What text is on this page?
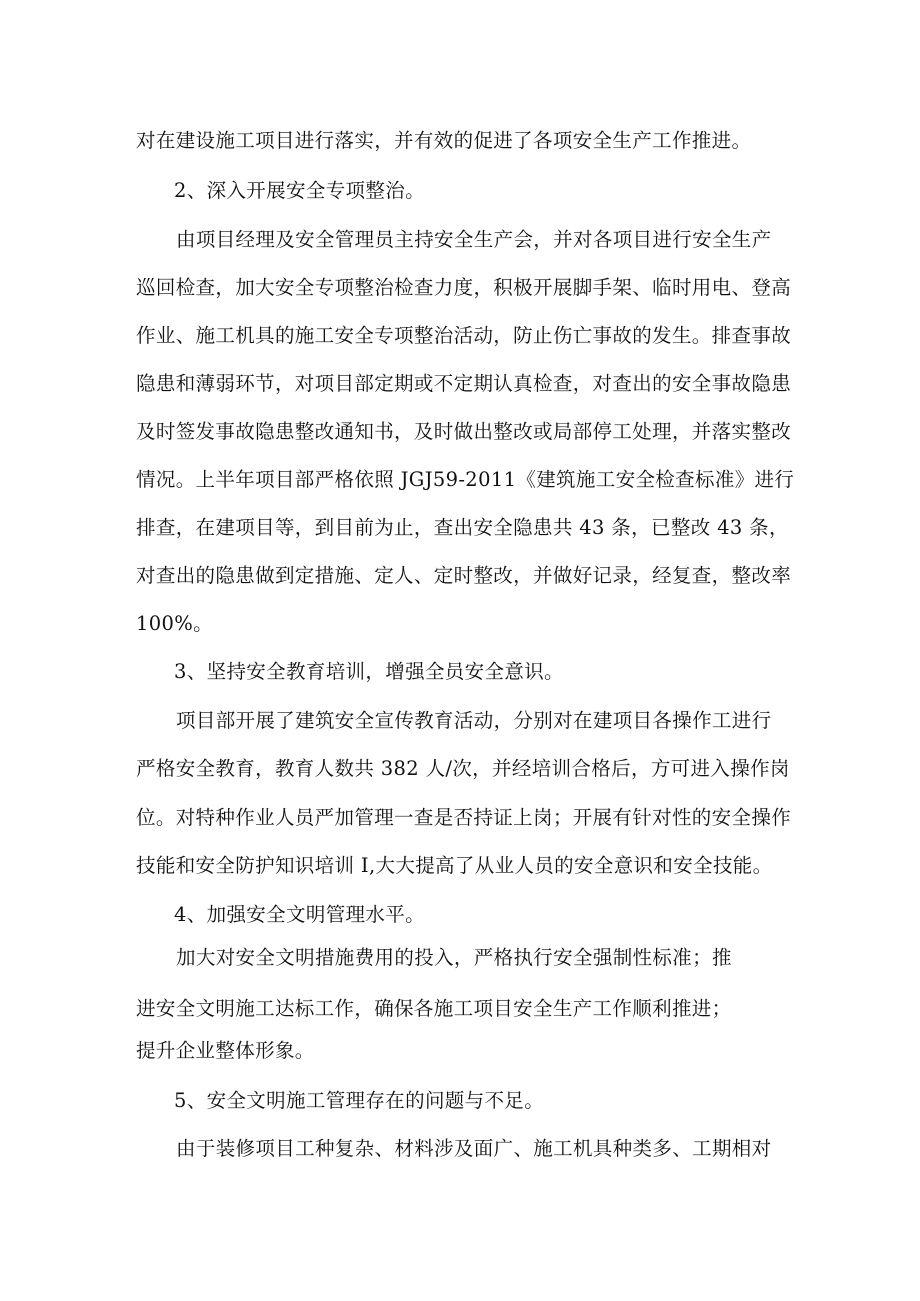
对在建设施工项目进行落实，并有效的促进了各项安全生产工作推进。
2、深入开展安全专项整治。
由项目经理及安全管理员主持安全生产会，并对各项目进行安全生产
巡回检查，加大安全专项整治检查力度，积极开展脚手架、临时用电、登高
作业、施工机具的施工安全专项整治活动，防止伤亡事故的发生。排查事故
隐患和薄弱环节，对项目部定期或不定期认真检查，对查出的安全事故隐患
及时签发事故隐患整改通知书，及时做出整改或局部停工处理，并落实整改
情况。上半年项目部严格依照 JGJ59-2011《建筑施工安全检查标准》进行
排查，在建项目等，到目前为止，查出安全隐患共 43 条，已整改 43 条，
对查出的隐患做到定措施、定人、定时整改，并做好记录，经复查，整改率
100%。
3、坚持安全教育培训，增强全员安全意识。
项目部开展了建筑安全宣传教育活动，分别对在建项目各操作工进行
严格安全教育，教育人数共 382 人/次，并经培训合格后，方可进入操作岗
位。对特种作业人员严加管理一查是否持证上岗；开展有针对性的安全操作
技能和安全防护知识培训 I,大大提高了从业人员的安全意识和安全技能。
4、加强安全文明管理水平。
加大对安全文明措施费用的投入，严格执行安全强制性标准；推
进安全文明施工达标工作，确保各施工项目安全生产工作顺利推进；
提升企业整体形象。
5、安全文明施工管理存在的问题与不足。
由于装修项目工种复杂、材料涉及面广、施工机具种类多、工期相对
